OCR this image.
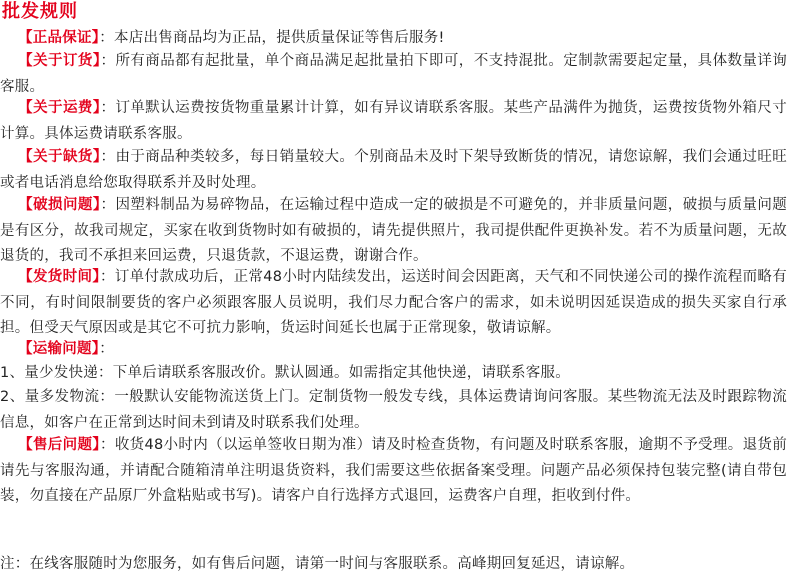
批发规则

【正品保证】：本店出售商品均为正品，提供质量保证等售后服务!

【关于订货】：所有商品都有起批量，单个商品满足起批量拍下即可，不支持混批。定制款需要起定量，具体数量详询客服。

【关于运费】：订单默认运费按货物重量累计计算，如有异议请联系客服。某些产品满件为抛货，运费按货物外箱尺寸计算。具体运费请联系客服。

【关于缺货】：由于商品种类较多，每日销量较大。个别商品未及时下架导致断货的情况，请您谅解，我们会通过旺旺或者电话消息给您取得联系并及时处理。

【破损问题】：因塑料制品为易碎物品，在运输过程中造成一定的破损是不可避免的，并非质量问题，破损与质量问题是有区分，故我司规定，买家在收到货物时如有破损的，请先提供照片，我司提供配件更换补发。若不为质量问题，无故退货的，我司不承担来回运费，只退货款，不退运费，谢谢合作。

【发货时间】：订单付款成功后，正常48小时内陆续发出，运送时间会因距离，天气和不同快递公司的操作流程而略有不同，有时间限制要货的客户必须跟客服人员说明，我们尽力配合客户的需求，如未说明因延误造成的损失买家自行承担。但受天气原因或是其它不可抗力影响，货运时间延长也属于正常现象，敬请谅解。

【运输问题】：

1、量少发快递：下单后请联系客服改价。默认圆通。如需指定其他快递，请联系客服。

2、量多发物流：一般默认安能物流送货上门。定制货物一般发专线，具体运费请询问客服。某些物流无法及时跟踪物流信息，如客户在正常到达时间未到请及时联系我们处理。

【售后问题】：收货48小时内（以运单签收日期为准）请及时检查货物，有问题及时联系客服，逾期不予受理。退货前请先与客服沟通，并请配合随箱清单注明退货资料，我们需要这些依据备案受理。问题产品必须保持包装完整(请自带包装，勿直接在产品原厂外盒粘贴或书写)。请客户自行选择方式退回，运费客户自理，拒收到付件。

注：在线客服随时为您服务，如有售后问题，请第一时间与客服联系。高峰期回复延迟，请谅解。
